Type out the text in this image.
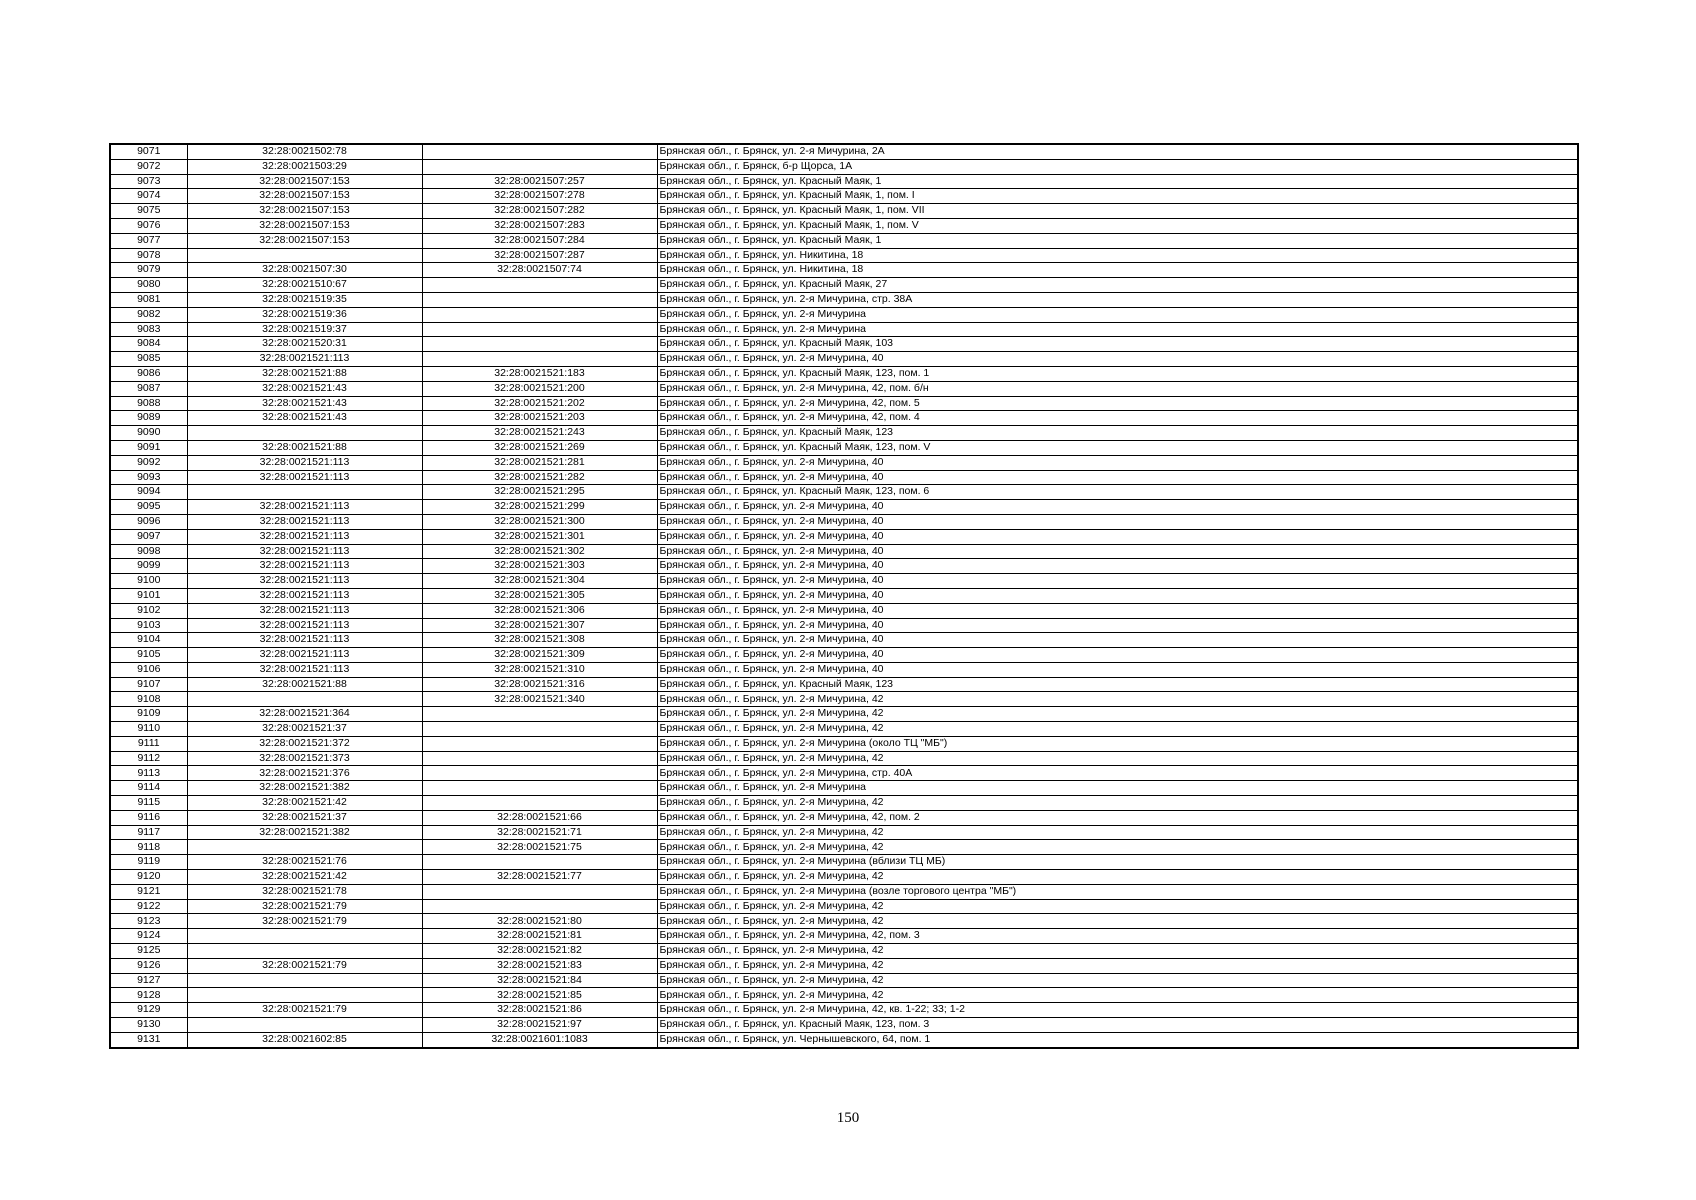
9071	32:28:0021502:78		Брянская обл., г. Брянск, ул. 2-я Мичурина, 2А
9072	32:28:0021503:29		Брянская обл., г. Брянск, б-р Щорса, 1А
9073	32:28:0021507:153	32:28:0021507:257	Брянская обл., г. Брянск, ул. Красный Маяк, 1
9074	32:28:0021507:153	32:28:0021507:278	Брянская обл., г. Брянск, ул. Красный Маяк, 1, пом. I
9075	32:28:0021507:153	32:28:0021507:282	Брянская обл., г. Брянск, ул. Красный Маяк, 1, пом. VII
9076	32:28:0021507:153	32:28:0021507:283	Брянская обл., г. Брянск, ул. Красный Маяк, 1, пом. V
9077	32:28:0021507:153	32:28:0021507:284	Брянская обл., г. Брянск, ул. Красный Маяк, 1
9078		32:28:0021507:287	Брянская обл., г. Брянск, ул. Никитина, 18
9079	32:28:0021507:30	32:28:0021507:74	Брянская обл., г. Брянск, ул. Никитина, 18
9080	32:28:0021510:67		Брянская обл., г. Брянск, ул. Красный Маяк, 27
9081	32:28:0021519:35		Брянская обл., г. Брянск, ул. 2-я Мичурина, стр. 38А
9082	32:28:0021519:36		Брянская обл., г. Брянск, ул. 2-я Мичурина
9083	32:28:0021519:37		Брянская обл., г. Брянск, ул. 2-я Мичурина
9084	32:28:0021520:31		Брянская обл., г. Брянск, ул. Красный Маяк, 103
9085	32:28:0021521:113		Брянская обл., г. Брянск, ул. 2-я Мичурина, 40
9086	32:28:0021521:88	32:28:0021521:183	Брянская обл., г. Брянск, ул. Красный Маяк, 123, пом. 1
9087	32:28:0021521:43	32:28:0021521:200	Брянская обл., г. Брянск, ул. 2-я Мичурина, 42, пом. б/н
9088	32:28:0021521:43	32:28:0021521:202	Брянская обл., г. Брянск, ул. 2-я Мичурина, 42, пом. 5
9089	32:28:0021521:43	32:28:0021521:203	Брянская обл., г. Брянск, ул. 2-я Мичурина, 42, пом. 4
9090		32:28:0021521:243	Брянская обл., г. Брянск, ул. Красный Маяк, 123
9091	32:28:0021521:88	32:28:0021521:269	Брянская обл., г. Брянск, ул. Красный Маяк, 123, пом. V
9092	32:28:0021521:113	32:28:0021521:281	Брянская обл., г. Брянск, ул. 2-я Мичурина, 40
9093	32:28:0021521:113	32:28:0021521:282	Брянская обл., г. Брянск, ул. 2-я Мичурина, 40
9094		32:28:0021521:295	Брянская обл., г. Брянск, ул. Красный Маяк, 123, пом. 6
9095	32:28:0021521:113	32:28:0021521:299	Брянская обл., г. Брянск, ул. 2-я Мичурина, 40
9096	32:28:0021521:113	32:28:0021521:300	Брянская обл., г. Брянск, ул. 2-я Мичурина, 40
9097	32:28:0021521:113	32:28:0021521:301	Брянская обл., г. Брянск, ул. 2-я Мичурина, 40
9098	32:28:0021521:113	32:28:0021521:302	Брянская обл., г. Брянск, ул. 2-я Мичурина, 40
9099	32:28:0021521:113	32:28:0021521:303	Брянская обл., г. Брянск, ул. 2-я Мичурина, 40
9100	32:28:0021521:113	32:28:0021521:304	Брянская обл., г. Брянск, ул. 2-я Мичурина, 40
9101	32:28:0021521:113	32:28:0021521:305	Брянская обл., г. Брянск, ул. 2-я Мичурина, 40
9102	32:28:0021521:113	32:28:0021521:306	Брянская обл., г. Брянск, ул. 2-я Мичурина, 40
9103	32:28:0021521:113	32:28:0021521:307	Брянская обл., г. Брянск, ул. 2-я Мичурина, 40
9104	32:28:0021521:113	32:28:0021521:308	Брянская обл., г. Брянск, ул. 2-я Мичурина, 40
9105	32:28:0021521:113	32:28:0021521:309	Брянская обл., г. Брянск, ул. 2-я Мичурина, 40
9106	32:28:0021521:113	32:28:0021521:310	Брянская обл., г. Брянск, ул. 2-я Мичурина, 40
9107	32:28:0021521:88	32:28:0021521:316	Брянская обл., г. Брянск, ул. Красный Маяк, 123
9108		32:28:0021521:340	Брянская обл., г. Брянск, ул. 2-я Мичурина, 42
9109	32:28:0021521:364		Брянская обл., г. Брянск, ул. 2-я Мичурина, 42
9110	32:28:0021521:37		Брянская обл., г. Брянск, ул. 2-я Мичурина, 42
9111	32:28:0021521:372		Брянская обл., г. Брянск, ул. 2-я Мичурина (около ТЦ "МБ")
9112	32:28:0021521:373		Брянская обл., г. Брянск, ул. 2-я Мичурина, 42
9113	32:28:0021521:376		Брянская обл., г. Брянск, ул. 2-я Мичурина, стр. 40А
9114	32:28:0021521:382		Брянская обл., г. Брянск, ул. 2-я Мичурина
9115	32:28:0021521:42		Брянская обл., г. Брянск, ул. 2-я Мичурина, 42
9116	32:28:0021521:37	32:28:0021521:66	Брянская обл., г. Брянск, ул. 2-я Мичурина, 42, пом. 2
9117	32:28:0021521:382	32:28:0021521:71	Брянская обл., г. Брянск, ул. 2-я Мичурина, 42
9118		32:28:0021521:75	Брянская обл., г. Брянск, ул. 2-я Мичурина, 42
9119	32:28:0021521:76		Брянская обл., г. Брянск, ул. 2-я Мичурина (вблизи ТЦ МБ)
9120	32:28:0021521:42	32:28:0021521:77	Брянская обл., г. Брянск, ул. 2-я Мичурина, 42
9121	32:28:0021521:78		Брянская обл., г. Брянск, ул. 2-я Мичурина (возле торгового центра "МБ")
9122	32:28:0021521:79		Брянская обл., г. Брянск, ул. 2-я Мичурина, 42
9123	32:28:0021521:79	32:28:0021521:80	Брянская обл., г. Брянск, ул. 2-я Мичурина, 42
9124		32:28:0021521:81	Брянская обл., г. Брянск, ул. 2-я Мичурина, 42, пом. 3
9125		32:28:0021521:82	Брянская обл., г. Брянск, ул. 2-я Мичурина, 42
9126	32:28:0021521:79	32:28:0021521:83	Брянская обл., г. Брянск, ул. 2-я Мичурина, 42
9127		32:28:0021521:84	Брянская обл., г. Брянск, ул. 2-я Мичурина, 42
9128		32:28:0021521:85	Брянская обл., г. Брянск, ул. 2-я Мичурина, 42
9129	32:28:0021521:79	32:28:0021521:86	Брянская обл., г. Брянск, ул. 2-я Мичурина, 42, кв. 1-22; 33; 1-2
9130		32:28:0021521:97	Брянская обл., г. Брянск, ул. Красный Маяк, 123, пом. 3
9131	32:28:0021602:85	32:28:0021601:1083	Брянская обл., г. Брянск, ул. Чернышевского, 64, пом. 1
150
